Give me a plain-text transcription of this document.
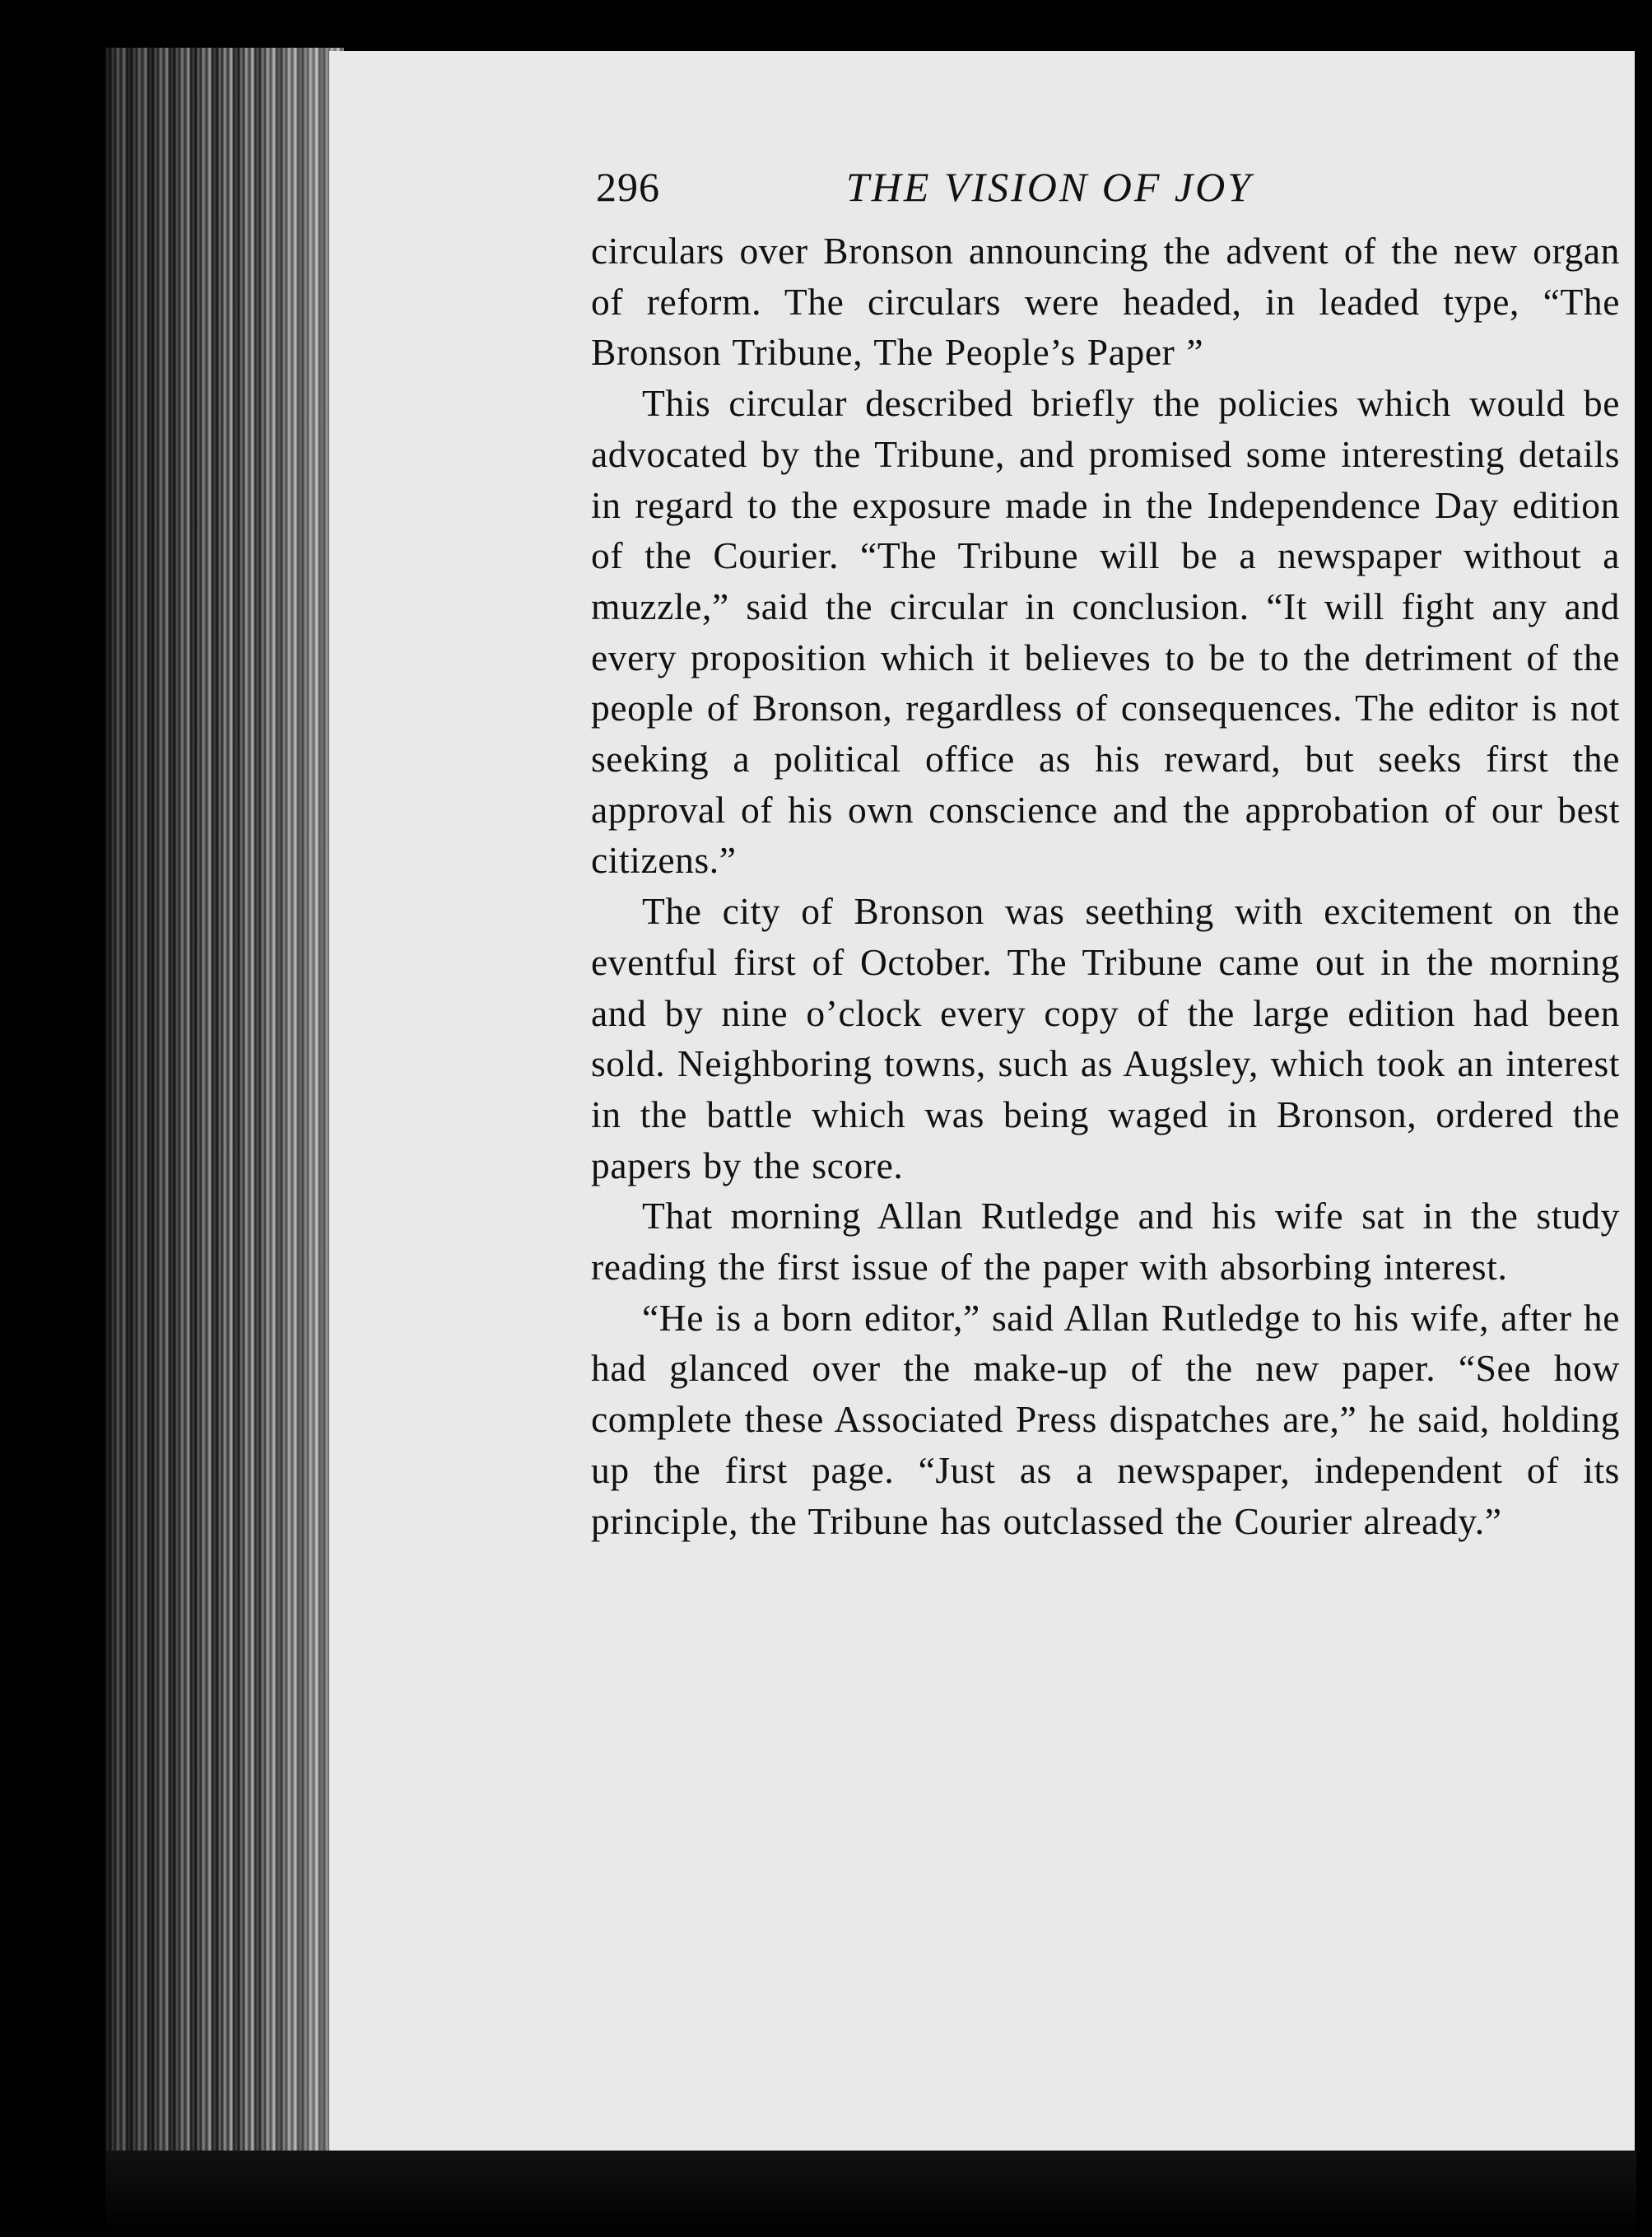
296	THE VISION OF JOY

circulars over Bronson announcing the advent of the new organ of reform. The circulars were headed, in leaded type, “The Bronson Tribune, The People’s Paper ”

This circular described briefly the policies which would be advocated by the Tribune, and promised some interesting details in regard to the exposure made in the Independence Day edition of the Courier. “The Tribune will be a newspaper without a muzzle,” said the circular in conclusion. “It will fight any and every proposition which it believes to be to the detriment of the people of Bronson, regardless of consequences. The editor is not seeking a political office as his reward, but seeks first the approval of his own conscience and the approbation of our best citizens.”

The city of Bronson was seething with excitement on the eventful first of October. The Tribune came out in the morning and by nine o’clock every copy of the large edition had been sold. Neighboring towns, such as Augsley, which took an interest in the battle which was being waged in Bronson, ordered the papers by the score.

That morning Allan Rutledge and his wife sat in the study reading the first issue of the paper with absorbing interest.

“He is a born editor,” said Allan Rutledge to his wife, after he had glanced over the make-up of the new paper. “See how complete these Associated Press dispatches are,” he said, holding up the first page. “Just as a newspaper, independent of its principle, the Tribune has outclassed the Courier already.”
